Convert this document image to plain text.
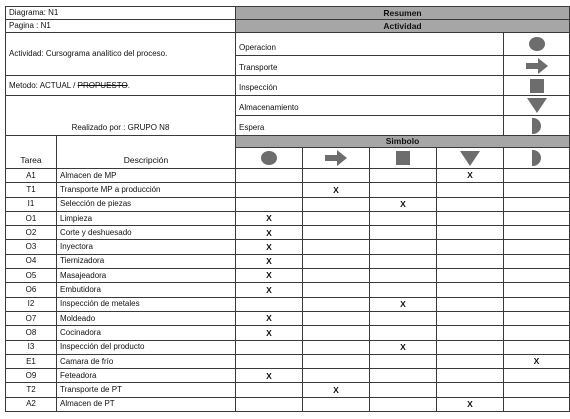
Diagrama: N1		Resumen				
Pagina : N1		Actividad				
Actividad: Cursograma analitico del proceso.		Operacion				
		Transporte	
Metodo: ACTUAL / PROPUESTO.		Inspección				
Realizado por : GRUPO N8		Almacenamiento				
		Espera				
Tarea	Descripción	Simbolo				

A1	Almacen de MP				X	
T1	Transporte MP a producción		X			
I1	Selección de piezas			X		
O1	Limpieza	X				
O2	Corte y deshuesado	X				
O3	Inyectora	X				
O4	Tiernizadora	X				
O5	Masajeadora	X				
O6	Embutidora	X				
I2	Inspección de metales			X		
O7	Moldeado	X				
O8	Cocinadora	X				
I3	Inspección del producto			X		
E1	Camara de frío					X
O9	Feteadora	X				
T2	Transporte de PT		X			
A2	Almacen de PT				X	
